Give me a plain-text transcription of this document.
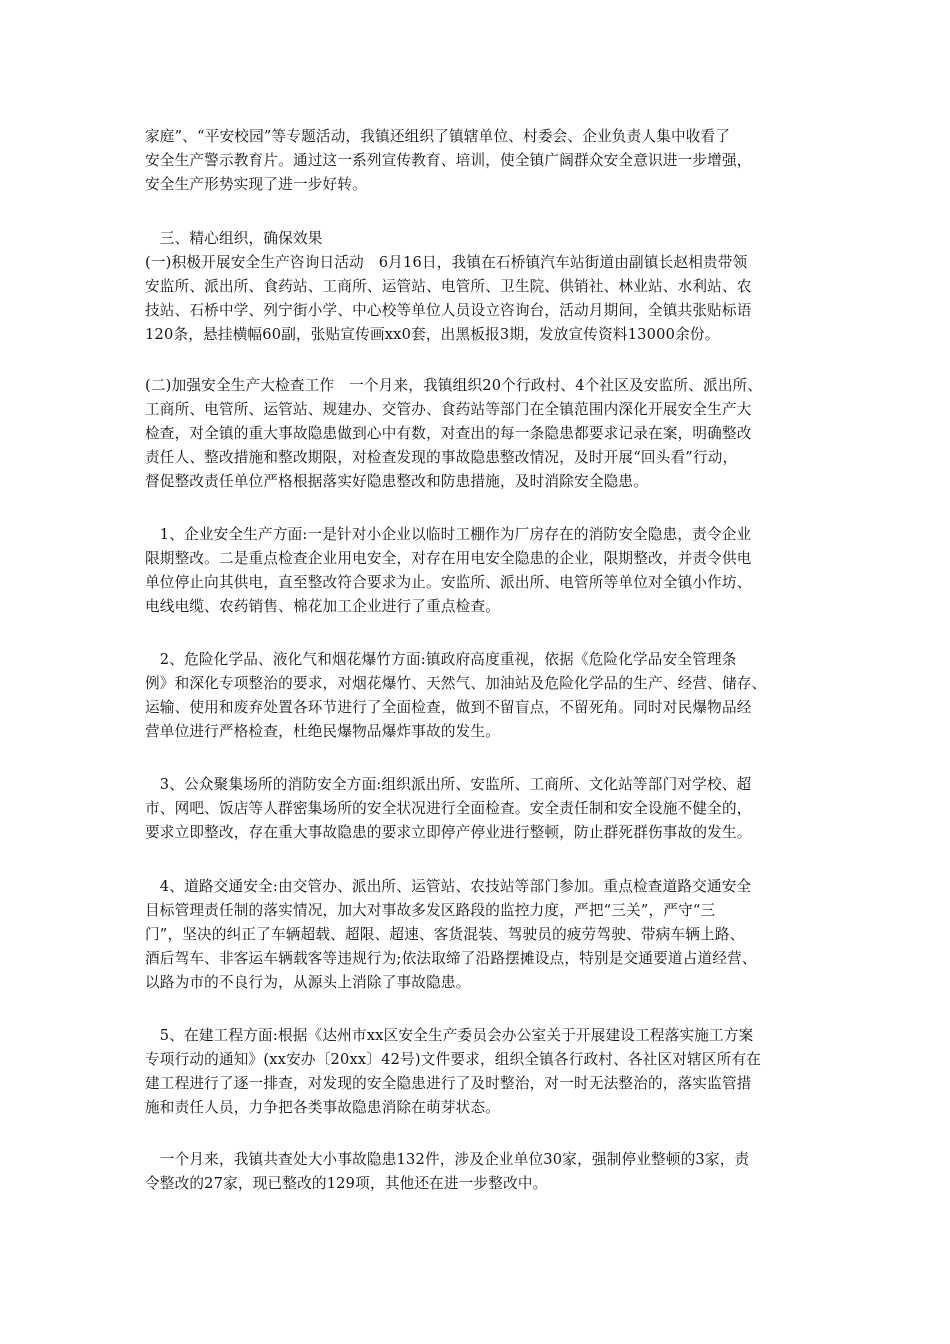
家庭”、“平安校园”等专题活动，我镇还组织了镇辖单位、村委会、企业负责人集中收看了
安全生产警示教育片。通过这一系列宣传教育、培训，使全镇广阔群众安全意识进一步增强，
安全生产形势实现了进一步好转。

　三、精心组织，确保效果
(一)积极开展安全生产咨询日活动　6月16日，我镇在石桥镇汽车站街道由副镇长赵相贵带领
安监所、派出所、食药站、工商所、运管站、电管所、卫生院、供销社、林业站、水利站、农
技站、石桥中学、列宁街小学、中心校等单位人员设立咨询台，活动月期间，全镇共张贴标语
120条，悬挂横幅60副，张贴宣传画xx0套，出黑板报3期，发放宣传资料13000余份。

(二)加强安全生产大检查工作　一个月来，我镇组织20个行政村、4个社区及安监所、派出所、
工商所、电管所、运管站、规建办、交管办、食药站等部门在全镇范围内深化开展安全生产大
检查，对全镇的重大事故隐患做到心中有数，对查出的每一条隐患都要求记录在案，明确整改
责任人、整改措施和整改期限，对检查发现的事故隐患整改情况，及时开展“回头看”行动，
督促整改责任单位严格根据落实好隐患整改和防患措施，及时消除安全隐患。

　1、企业安全生产方面:一是针对小企业以临时工棚作为厂房存在的消防安全隐患，责令企业
限期整改。二是重点检查企业用电安全，对存在用电安全隐患的企业，限期整改，并责令供电
单位停止向其供电，直至整改符合要求为止。安监所、派出所、电管所等单位对全镇小作坊、
电线电缆、农药销售、棉花加工企业进行了重点检查。

　2、危险化学品、液化气和烟花爆竹方面:镇政府高度重视，依据《危险化学品安全管理条
例》和深化专项整治的要求，对烟花爆竹、天然气、加油站及危险化学品的生产、经营、储存、
运输、使用和废弃处置各环节进行了全面检查，做到不留盲点，不留死角。同时对民爆物品经
营单位进行严格检查，杜绝民爆物品爆炸事故的发生。

　3、公众聚集场所的消防安全方面:组织派出所、安监所、工商所、文化站等部门对学校、超
市、网吧、饭店等人群密集场所的安全状况进行全面检查。安全责任制和安全设施不健全的，
要求立即整改，存在重大事故隐患的要求立即停产停业进行整顿，防止群死群伤事故的发生。

　4、道路交通安全:由交管办、派出所、运管站、农技站等部门参加。重点检查道路交通安全
目标管理责任制的落实情况，加大对事故多发区路段的监控力度，严把“三关”，严守“三
门”，坚决的纠正了车辆超载、超限、超速、客货混装、驾驶员的疲劳驾驶、带病车辆上路、
酒后驾车、非客运车辆载客等违规行为;依法取缔了沿路摆摊设点，特别是交通要道占道经营、
以路为市的不良行为，从源头上消除了事故隐患。

　5、在建工程方面:根据《达州市xx区安全生产委员会办公室关于开展建设工程落实施工方案
专项行动的通知》(xx安办〔20xx〕42号)文件要求，组织全镇各行政村、各社区对辖区所有在
建工程进行了逐一排查，对发现的安全隐患进行了及时整治，对一时无法整治的，落实监管措
施和责任人员，力争把各类事故隐患消除在萌芽状态。

　一个月来，我镇共查处大小事故隐患132件，涉及企业单位30家，强制停业整顿的3家，责
令整改的27家，现已整改的129项，其他还在进一步整改中。
